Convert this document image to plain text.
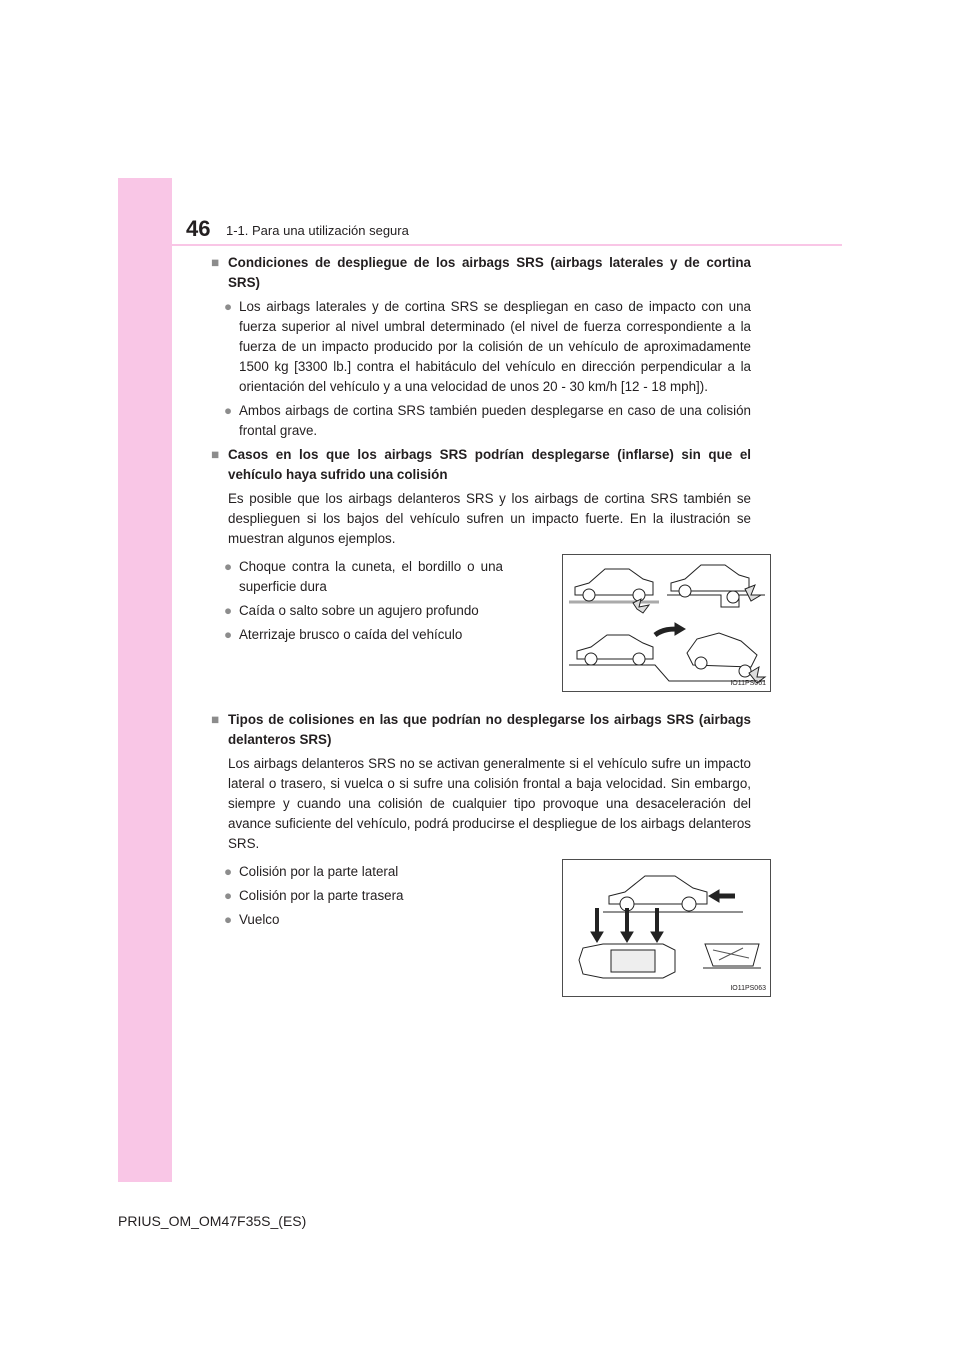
46 1-1. Para una utilización segura
■ Condiciones de despliegue de los airbags SRS (airbags laterales y de cortina SRS)
● Los airbags laterales y de cortina SRS se despliegan en caso de impacto con una fuerza superior al nivel umbral determinado (el nivel de fuerza correspondiente a la fuerza de un impacto producido por la colisión de un vehículo de aproximadamente 1500 kg [3300 lb.] contra el habitáculo del vehículo en dirección perpendicular a la orientación del vehículo y a una velocidad de unos 20 - 30 km/h [12 - 18 mph]).
● Ambos airbags de cortina SRS también pueden desplegarse en caso de una colisión frontal grave.
■ Casos en los que los airbags SRS podrían desplegarse (inflarse) sin que el vehículo haya sufrido una colisión
Es posible que los airbags delanteros SRS y los airbags de cortina SRS también se desplieguen si los bajos del vehículo sufren un impacto fuerte. En la ilustración se muestran algunos ejemplos.
● Choque contra la cuneta, el bordillo o una superficie dura
● Caída o salto sobre un agujero profundo
● Aterrizaje brusco o caída del vehículo
IO11PS061
■ Tipos de colisiones en las que podrían no desplegarse los airbags SRS (airbags delanteros SRS)
Los airbags delanteros SRS no se activan generalmente si el vehículo sufre un impacto lateral o trasero, si vuelca o si sufre una colisión frontal a baja velocidad. Sin embargo, siempre y cuando una colisión de cualquier tipo provoque una desaceleración del avance suficiente del vehículo, podrá producirse el despliegue de los airbags delanteros SRS.
● Colisión por la parte lateral
● Colisión por la parte trasera
● Vuelco
IO11PS063
PRIUS_OM_OM47F35S_(ES)
